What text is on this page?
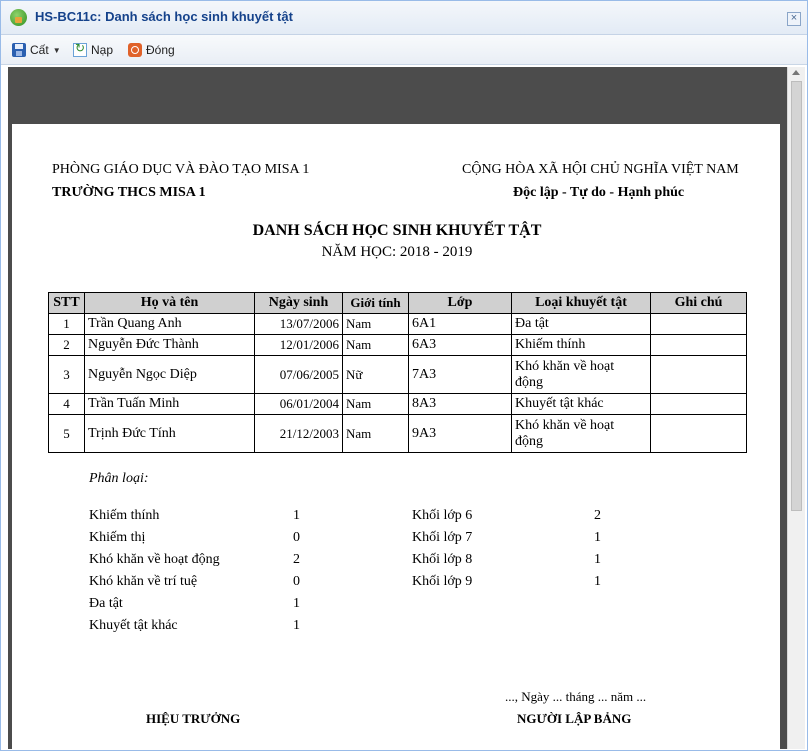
HS-BC11c: Danh sách học sinh khuyết tật	×
Cất ▼ ↻	Nạp	Đóng
PHÒNG GIÁO DỤC VÀ ĐÀO TẠO MISA 1
TRƯỜNG THCS MISA 1
CỘNG HÒA XÃ HỘI CHỦ NGHĨA VIỆT NAM
Độc lập - Tự do - Hạnh phúc
DANH SÁCH HỌC SINH KHUYẾT TẬT
NĂM HỌC: 2018 - 2019
STT	Họ và tên	Ngày sinh	Giới tính	Lớp	Loại khuyết tật	Ghi chú
1	Trần Quang Anh	13/07/2006	Nam	6A1	Đa tật	
2	Nguyễn Đức Thành	12/01/2006	Nam	6A3	Khiếm thính	
3	Nguyễn Ngọc Diệp	07/06/2005	Nữ	7A3	Khó khăn về hoạt
động	

4	Trần Tuấn Minh	06/01/2004	Nam	8A3	Khuyết tật khác	
5	Trịnh Đức Tính	21/12/2003	Nam	9A3	Khó khăn về hoạt
động	

Phân loại:
Khiếm thính	1
Khiếm thị	0
Khó khăn về hoạt động	2
Khó khăn về trí tuệ	0
Đa tật	1
Khuyết tật khác	1
Khối lớp 6	2
Khối lớp 7	1
Khối lớp 8	1
Khối lớp 9	1
..., Ngày ... tháng ... năm ...
HIỆU TRƯỞNG	NGƯỜI LẬP BẢNG
